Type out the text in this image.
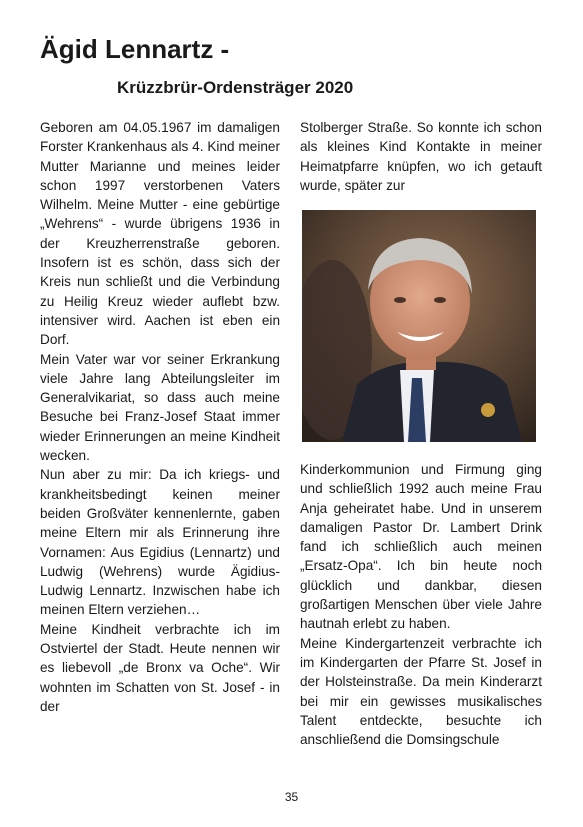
Ägid Lennartz -
Krüzzbrür-Ordensträger 2020

Geboren am 04.05.1967 im damaligen Forster Krankenhaus als 4. Kind meiner Mutter Marianne und meines leider schon 1997 verstorbenen Vaters Wilhelm. Meine Mutter - eine gebürtige „Wehrens“ - wurde übrigens 1936 in der Kreuzherrenstraße geboren. Insofern ist es schön, dass sich der Kreis nun schließt und die Verbindung zu Heilig Kreuz wieder auflebt bzw. intensiver wird. Aachen ist eben ein Dorf.

Mein Vater war vor seiner Erkrankung viele Jahre lang Abteilungsleiter im Generalvikariat, so dass auch meine Besuche bei Franz-Josef Staat immer wieder Erinnerungen an meine Kindheit wecken.

Nun aber zu mir: Da ich kriegs- und krankheitsbedingt keinen meiner beiden Großväter kennenlernte, gaben meine Eltern mir als Erinnerung ihre Vornamen: Aus Egidius (Lennartz) und Ludwig (Wehrens) wurde Ägidius-Ludwig Lennartz. Inzwischen habe ich meinen Eltern verziehen…

Meine Kindheit verbrachte ich im Ostviertel der Stadt. Heute nennen wir es liebevoll „de Bronx va Oche“. Wir wohnten im Schatten von St. Josef - in der

Stolberger Straße. So konnte ich schon als kleines Kind Kontakte in meiner Heimatpfarre knüpfen, wo ich getauft wurde, später zur

Kinderkommunion und Firmung ging und schließlich 1992 auch meine Frau Anja geheiratet habe. Und in unserem damaligen Pastor Dr. Lambert Drink fand ich schließlich auch meinen „Ersatz-Opa“. Ich bin heute noch glücklich und dankbar, diesen großartigen Menschen über viele Jahre hautnah erlebt zu haben.

Meine Kindergartenzeit verbrachte ich im Kindergarten der Pfarre St. Josef in der Holsteinstraße. Da mein Kinderarzt bei mir ein gewisses musikalisches Talent entdeckte, besuchte ich anschließend die Domsingschule

35
